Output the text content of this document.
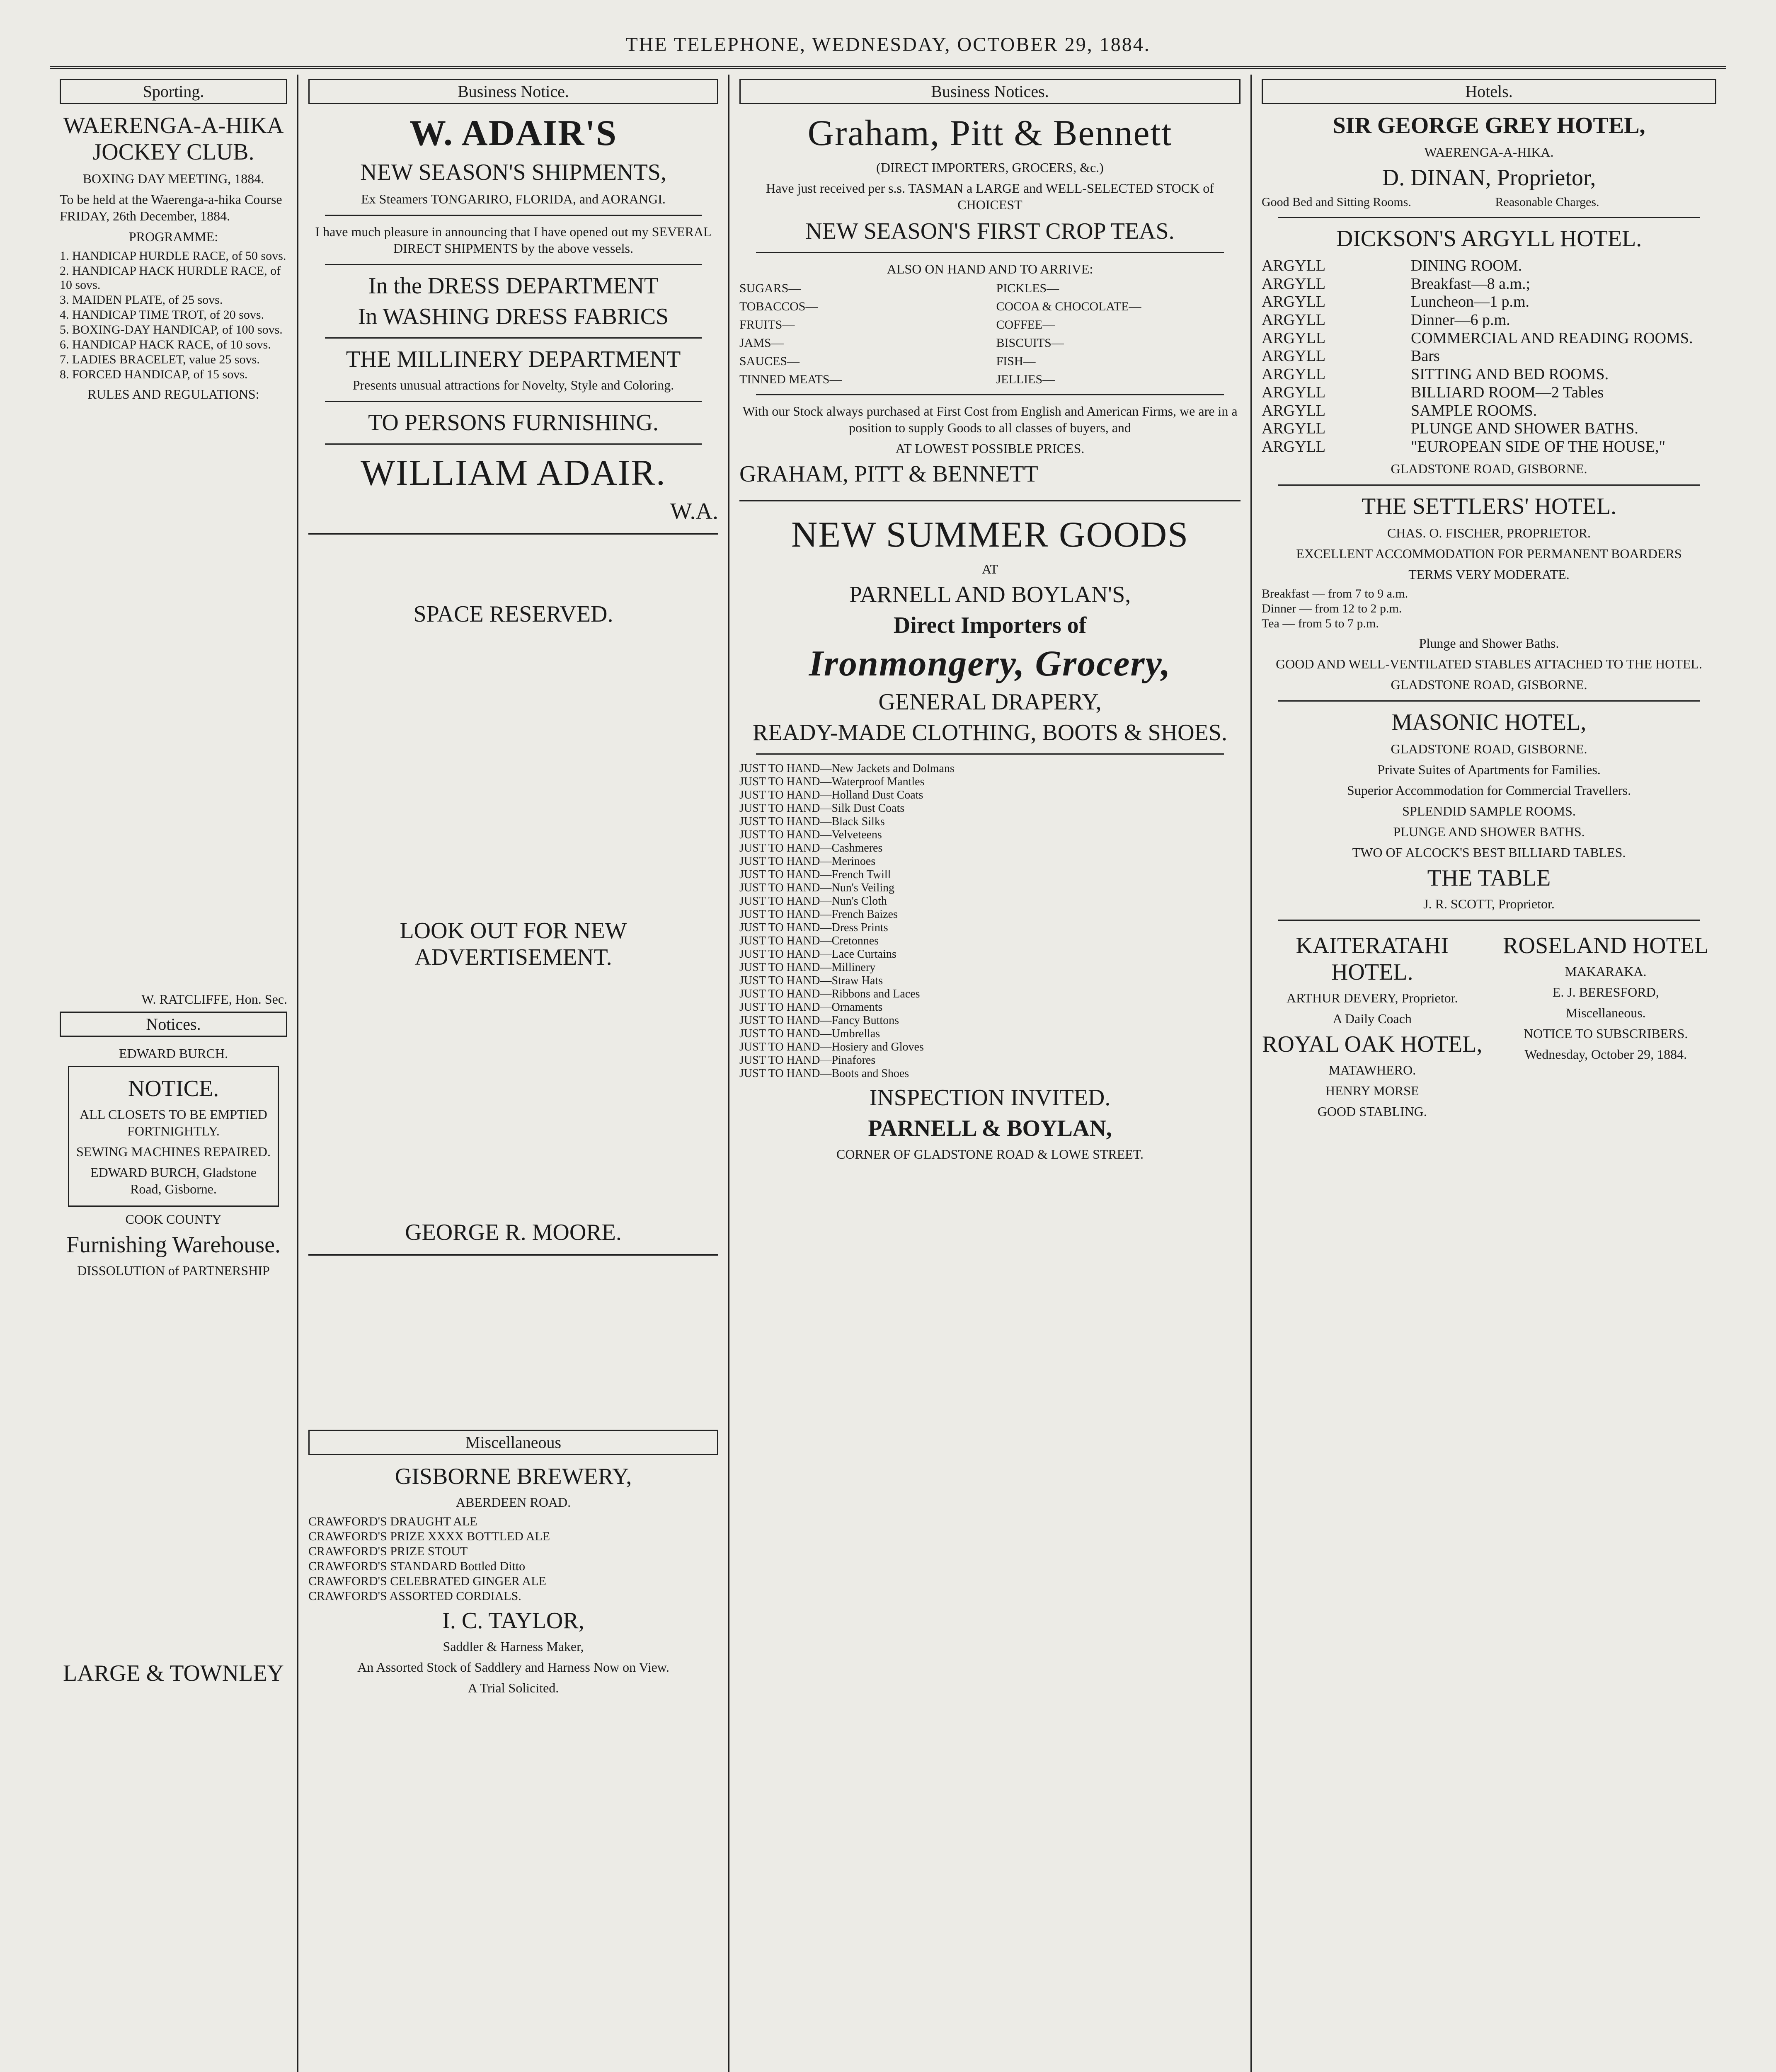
THE TELEPHONE, WEDNESDAY, OCTOBER 29, 1884.
Sporting.
WAERENGA-A-HIKA JOCKEY CLUB.

BOXING DAY MEETING, 1884.

To be held at the Waerenga-a-hika Course FRIDAY, 26th December, 1884.

PROGRAMME:

1. HANDICAP HURDLE RACE, of 50 sovs.

2. HANDICAP HACK HURDLE RACE, of 10 sovs.

3. MAIDEN PLATE, of 25 sovs.

4. HANDICAP TIME TROT, of 20 sovs.

5. BOXING-DAY HANDICAP, of 100 sovs.

6. HANDICAP HACK RACE, of 10 sovs.

7. LADIES BRACELET, value 25 sovs.

8. FORCED HANDICAP, of 15 sovs.

RULES AND REGULATIONS:

W. RATCLIFFE, Hon. Sec.

Notices.

EDWARD BURCH.

NOTICE.

ALL CLOSETS TO BE EMPTIED FORTNIGHTLY.

SEWING MACHINES REPAIRED.

EDWARD BURCH, Gladstone Road, Gisborne.

COOK COUNTY

Furnishing Warehouse.

DISSOLUTION of PARTNERSHIP

LARGE & TOWNLEY

Business Notice.
W. ADAIR'S
NEW SEASON'S SHIPMENTS,

Ex Steamers TONGARIRO, FLORIDA, and AORANGI.

I have much pleasure in announcing that I have opened out my SEVERAL DIRECT SHIPMENTS by the above vessels.

In the DRESS DEPARTMENT

In WASHING DRESS FABRICS

THE MILLINERY DEPARTMENT

Presents unusual attractions for Novelty, Style and Coloring.

TO PERSONS FURNISHING.

WILLIAM ADAIR.

W.A.

SPACE RESERVED.

LOOK OUT FOR NEW ADVERTISEMENT.

GEORGE R. MOORE.

Miscellaneous

GISBORNE BREWERY,

ABERDEEN ROAD.

CRAWFORD'S DRAUGHT ALE

CRAWFORD'S PRIZE XXXX BOTTLED ALE

CRAWFORD'S PRIZE STOUT

CRAWFORD'S STANDARD Bottled Ditto

CRAWFORD'S CELEBRATED GINGER ALE

CRAWFORD'S ASSORTED CORDIALS.

I. C. TAYLOR,

Saddler & Harness Maker,

An Assorted Stock of Saddlery and Harness Now on View.

A Trial Solicited.

Business Notices.
Graham, Pitt & Bennett

(DIRECT IMPORTERS, GROCERS, &c.)

Have just received per s.s. TASMAN a LARGE and WELL-SELECTED STOCK of CHOICEST

NEW SEASON'S FIRST CROP TEAS.

ALSO ON HAND AND TO ARRIVE:

SUGARS—	PICKLES—
TOBACCOS—	COCOA & CHOCOLATE—
FRUITS—	COFFEE—
JAMS—	BISCUITS—
SAUCES—	FISH—
TINNED MEATS—	JELLIES—

With our Stock always purchased at First Cost from English and American Firms, we are in a position to supply Goods to all classes of buyers, and

AT LOWEST POSSIBLE PRICES.

GRAHAM, PITT & BENNETT

NEW SUMMER GOODS

AT

PARNELL AND BOYLAN'S,

Direct Importers of

Ironmongery, Grocery,

GENERAL DRAPERY,

READY-MADE CLOTHING, BOOTS & SHOES.

JUST TO HAND—New Jackets and Dolmans

JUST TO HAND—Waterproof Mantles

JUST TO HAND—Holland Dust Coats

JUST TO HAND—Silk Dust Coats

JUST TO HAND—Black Silks

JUST TO HAND—Velveteens

JUST TO HAND—Cashmeres

JUST TO HAND—Merinoes

JUST TO HAND—French Twill

JUST TO HAND—Nun's Veiling

JUST TO HAND—Nun's Cloth

JUST TO HAND—French Baizes

JUST TO HAND—Dress Prints

JUST TO HAND—Cretonnes

JUST TO HAND—Lace Curtains

JUST TO HAND—Millinery

JUST TO HAND—Straw Hats

JUST TO HAND—Ribbons and Laces

JUST TO HAND—Ornaments

JUST TO HAND—Fancy Buttons

JUST TO HAND—Umbrellas

JUST TO HAND—Hosiery and Gloves

JUST TO HAND—Pinafores

JUST TO HAND—Boots and Shoes

INSPECTION INVITED.

PARNELL & BOYLAN,

CORNER OF GLADSTONE ROAD & LOWE STREET.

Hotels.
SIR GEORGE GREY HOTEL,

WAERENGA-A-HIKA.

D. DINAN, Proprietor,

Good Bed and Sitting Rooms.	Reasonable Charges.
DICKSON'S ARGYLL HOTEL.
ARGYLL	DINING ROOM.
ARGYLL	Breakfast—8 a.m.;
ARGYLL	Luncheon—1 p.m.
ARGYLL	Dinner—6 p.m.
ARGYLL	COMMERCIAL AND READING ROOMS.
ARGYLL	Bars
ARGYLL	SITTING AND BED ROOMS.
ARGYLL	BILLIARD ROOM—2 Tables
ARGYLL	SAMPLE ROOMS.
ARGYLL	PLUNGE AND SHOWER BATHS.
ARGYLL	"EUROPEAN SIDE OF THE HOUSE,"

GLADSTONE ROAD, GISBORNE.

THE SETTLERS' HOTEL.

CHAS. O. FISCHER, PROPRIETOR.

EXCELLENT ACCOMMODATION FOR PERMANENT BOARDERS

TERMS VERY MODERATE.

Breakfast — from 7 to 9 a.m.

Dinner — from 12 to 2 p.m.

Tea — from 5 to 7 p.m.

Plunge and Shower Baths.

GOOD AND WELL-VENTILATED STABLES ATTACHED TO THE HOTEL.

GLADSTONE ROAD, GISBORNE.

MASONIC HOTEL,

GLADSTONE ROAD, GISBORNE.

Private Suites of Apartments for Families.

Superior Accommodation for Commercial Travellers.

SPLENDID SAMPLE ROOMS.

PLUNGE AND SHOWER BATHS.

TWO OF ALCOCK'S BEST BILLIARD TABLES.

THE TABLE

J. R. SCOTT, Proprietor.

KAITERATAHI HOTEL.

ARTHUR DEVERY, Proprietor.

A Daily Coach

ROYAL OAK HOTEL,

MATAWHERO.

HENRY MORSE

GOOD STABLING.

ROSELAND HOTEL

MAKARAKA.

E. J. BERESFORD,

Miscellaneous.

NOTICE TO SUBSCRIBERS.

Wednesday, October 29, 1884.
